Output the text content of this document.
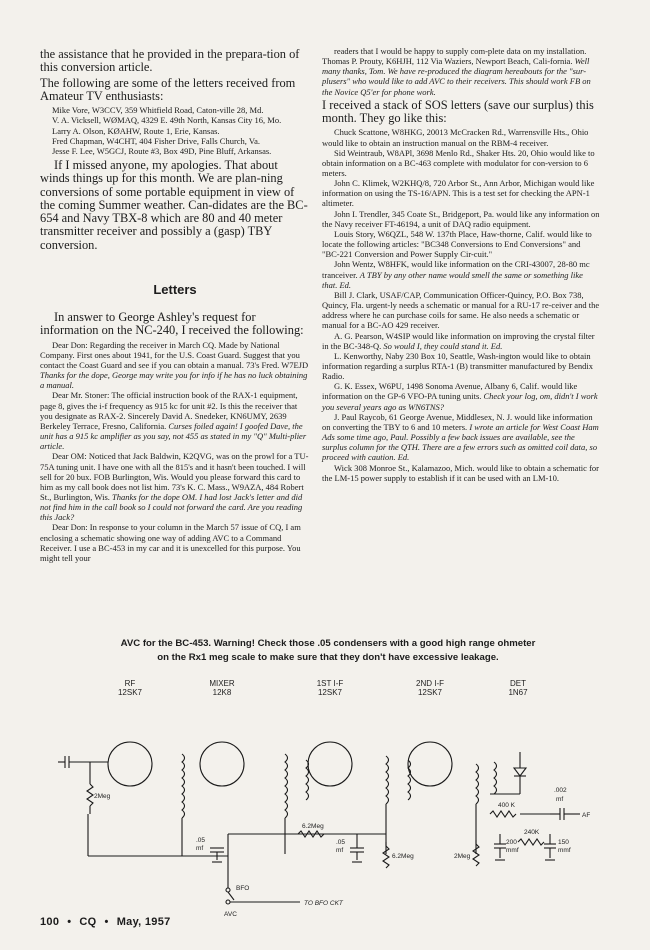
the assistance that he provided in the prepara-tion of this conversion article.

The following are some of the letters received from Amateur TV enthusiasts:

Mike Vore, W3CCV, 359 Whitfield Road, Caton-ville 28, Md.

V. A. Vicksell, WØMAQ, 4329 E. 49th North, Kansas City 16, Mo.

Larry A. Olson, KØAHW, Route 1, Erie, Kansas.

Fred Chapman, W4CHT, 404 Fisher Drive, Falls Church, Va.

Jesse F. Lee, W5GCJ, Route #3, Box 49D, Pine Bluff, Arkansas.

If I missed anyone, my apologies. That about winds things up for this month. We are plan-ning conversions of some portable equipment in view of the coming Summer weather. Can-didates are the BC-654 and Navy TBX-8 which are 80 and 40 meter transmitter receiver and possibly a (gasp) TBY conversion.

Letters

In answer to George Ashley's request for information on the NC-240, I received the following:

Dear Don: Regarding the receiver in March CQ. Made by National Company. First ones about 1941, for the U.S. Coast Guard. Suggest that you contact the Coast Guard and see if you can obtain a manual. 73's Fred. W7EJD Thanks for the dope, George may write you for info if he has no luck obtaining a manual.

Dear Mr. Stoner: The official instruction book of the RAX-1 equipment, page 8, gives the i-f frequency as 915 kc for unit #2. Is this the receiver that you designate as RAX-2. Sincerely David A. Snedeker, KN6UMY, 2639 Berkeley Terrace, Fresno, California. Curses foiled again! I goofed Dave, the unit has a 915 kc amplifier as you say, not 455 as stated in my "Q" Multi-plier article.

Dear OM: Noticed that Jack Baldwin, K2QVG, was on the prowl for a TU-75A tuning unit. I have one with all the 815's and it hasn't been touched. I will sell for 20 bux. FOB Burlington, Wis. Would you please forward this card to him as my call book does not list him. 73's K. C. Mass., W9AZA, 484 Robert St., Burlington, Wis. Thanks for the dope OM. I had lost Jack's letter and did not find him in the call book so I could not forward the card. Are you reading this Jack?

Dear Don: In response to your column in the March 57 issue of CQ, I am enclosing a schematic showing one way of adding AVC to a Command Receiver. I use a BC-453 in my car and it is unexcelled for this purpose. You might tell your

readers that I would be happy to supply com-plete data on my installation. Thomas P. Prouty, K6HJH, 112 Via Waziers, Newport Beach, Cali-fornia. Well many thanks, Tom. We have re-produced the diagram hereabouts for the "sur-plusers" who would like to add AVC to their receivers. This should work FB on the Novice Q5'er for phone work.

I received a stack of SOS letters (save our surplus) this month. They go like this:

Chuck Scattone, W8HKG, 20013 McCracken Rd., Warrensville Hts., Ohio would like to obtain an instruction manual on the RBM-4 receiver.

Sid Weintraub, W8APl, 3698 Menlo Rd., Shaker Hts. 20, Ohio would like to obtain information on a BC-463 complete with modulator for con-version to 6 meters.

John C. Klimek, W2KHQ/8, 720 Arbor St., Ann Arbor, Michigan would like information on using the TS-16/APN. This is a test set for checking the APN-1 altimeter.

John I. Trendler, 345 Coate St., Bridgeport, Pa. would like any information on the Navy receiver FT-46194, a unit of DAQ radio equipment.

Louis Story, W6QZL, 548 W. 137th Place, Haw-thorne, Calif. would like to locate the following articles: "BC348 Conversions to End Conversions" and "BC-221 Conversion and Power Supply Cir-cuit."

John Wentz, W8HFK, would like information on the CRI-43007, 28-80 mc tranceiver. A TBY by any other name would smell the same or something like that. Ed.

Bill J. Clark, USAF/CAP, Communication Officer-Quincy, P.O. Box 738, Quincy, Fla. urgent-ly needs a schematic or manual for a RU-17 re-ceiver and the address where he can purchase coils for same. He also needs a schematic or manual for a BC-AO 429 receiver.

A. G. Pearson, W4SIP would like information on improving the crystal filter in the BC-348-Q. So would I, they could stand it. Ed.

L. Kenworthy, Naby 230 Box 10, Seattle, Wash-ington would like to obtain information regarding a surplus RTA-1 (B) transmitter manufactured by Bendix Radio.

G. K. Essex, W6PU, 1498 Sonoma Avenue, Albany 6, Calif. would like information on the GP-6 VFO-PA tuning units. Check your log, om, didn't I work you several years ago as WN6TNS?

J. Paul Raycob, 61 George Avenue, Middlesex, N. J. would like information on converting the TBY to 6 and 10 meters. I wrote an article for West Coast Ham Ads some time ago, Paul. Possibly a few back issues are available, see the surplus column for the QTH. There are a few errors such as omitted coil data, so proceed with caution. Ed.

Wick 308 Monroe St., Kalamazoo, Mich. would like to obtain a schematic for the LM-15 power supply to establish if it can be used with an LM-10.

AVC for the BC-453. Warning! Check those .05 condensers with a good high range ohmeter
on the Rx1 meg scale to make sure that they don't have excessive leakage.
RF
12SK7
MIXER
12K8
1ST I-F
12SK7
2ND I-F
12SK7
DET
1N67
2Meg
.05
mf
6.2Meg
.05
mf
6.2Meg	2Meg
400 K
.002
mf
AF
200
mmf
240K
150
mmf
BFO
AVC
TO BFO CKT
100 • CQ • May, 1957
